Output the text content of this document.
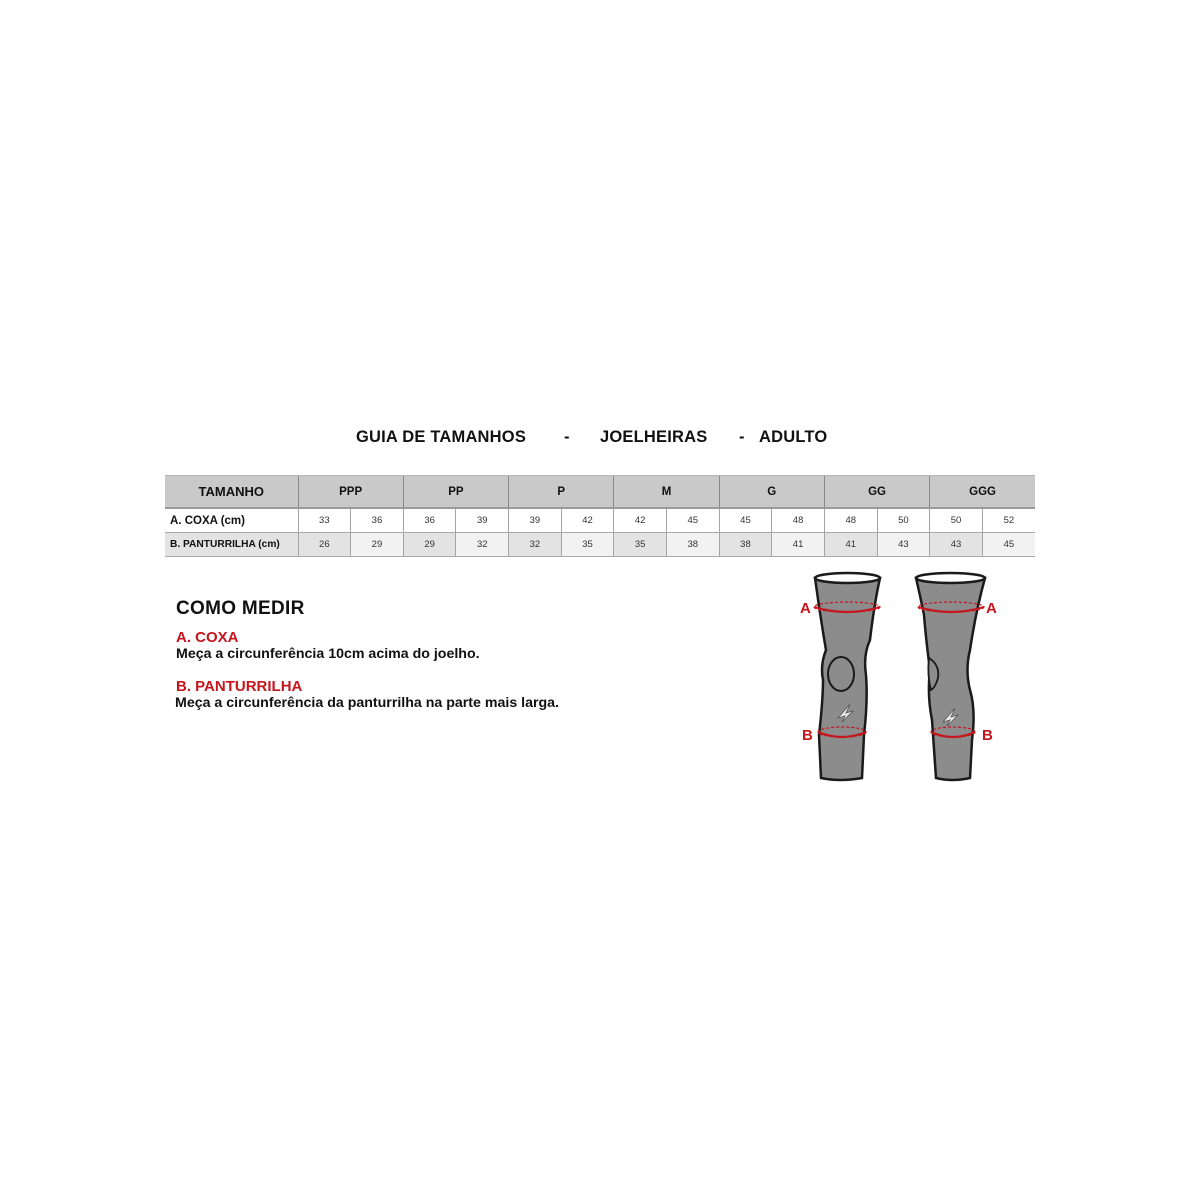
GUIA DE TAMANHOS - JOELHEIRAS - ADULTO
TAMANHO	PPP		PP		P		M		G		GG		GGG	
A. COXA (cm)	33	36	36	39	39	42	42	45	45	48	48	50	50	52
B. PANTURRILHA (cm)	26	29	29	32	32	35	35	38	38	41	41	43	43	45

COMO MEDIR

A. COXA

Meça a circunferência 10cm acima do joelho.

B. PANTURRILHA

Meça a circunferência da panturrilha na parte mais larga.

A
B
A
B
